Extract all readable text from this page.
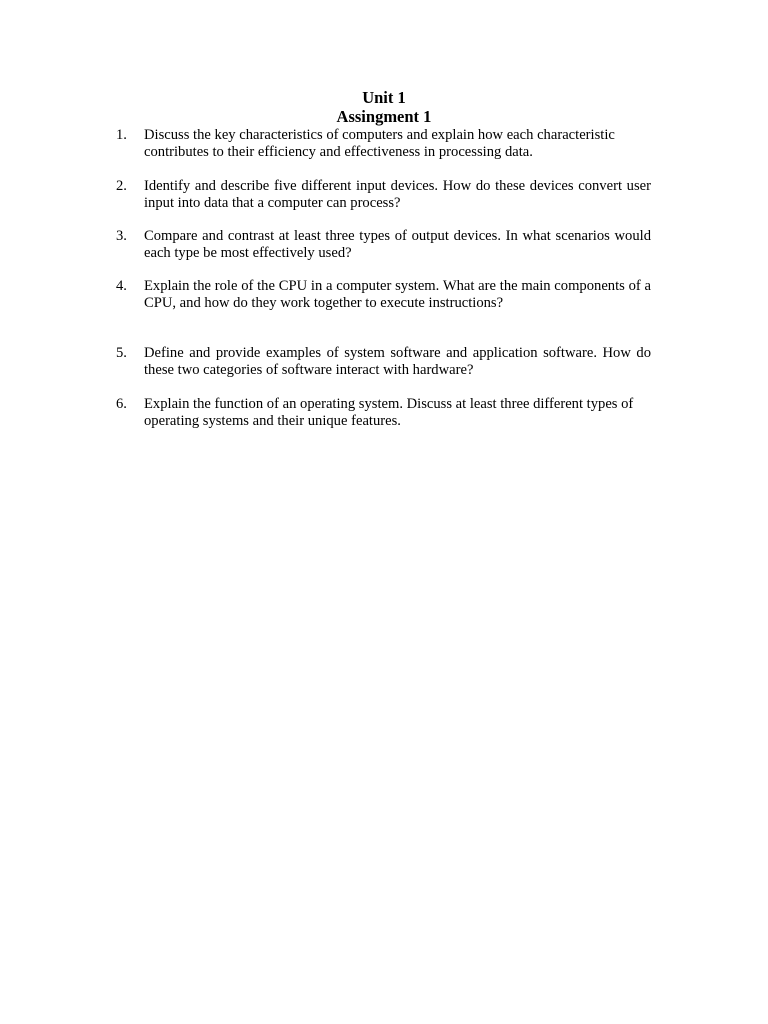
Unit 1
Assingment 1
1. Discuss the key characteristics of computers and explain how each characteristic contributes to their efficiency and effectiveness in processing data.
2. Identify and describe five different input devices. How do these devices convert user input into data that a computer can process?
3. Compare and contrast at least three types of output devices. In what scenarios would each type be most effectively used?
4. Explain the role of the CPU in a computer system. What are the main components of a CPU, and how do they work together to execute instructions?
5. Define and provide examples of system software and application software. How do these two categories of software interact with hardware?
6. Explain the function of an operating system. Discuss at least three different types of operating systems and their unique features.
